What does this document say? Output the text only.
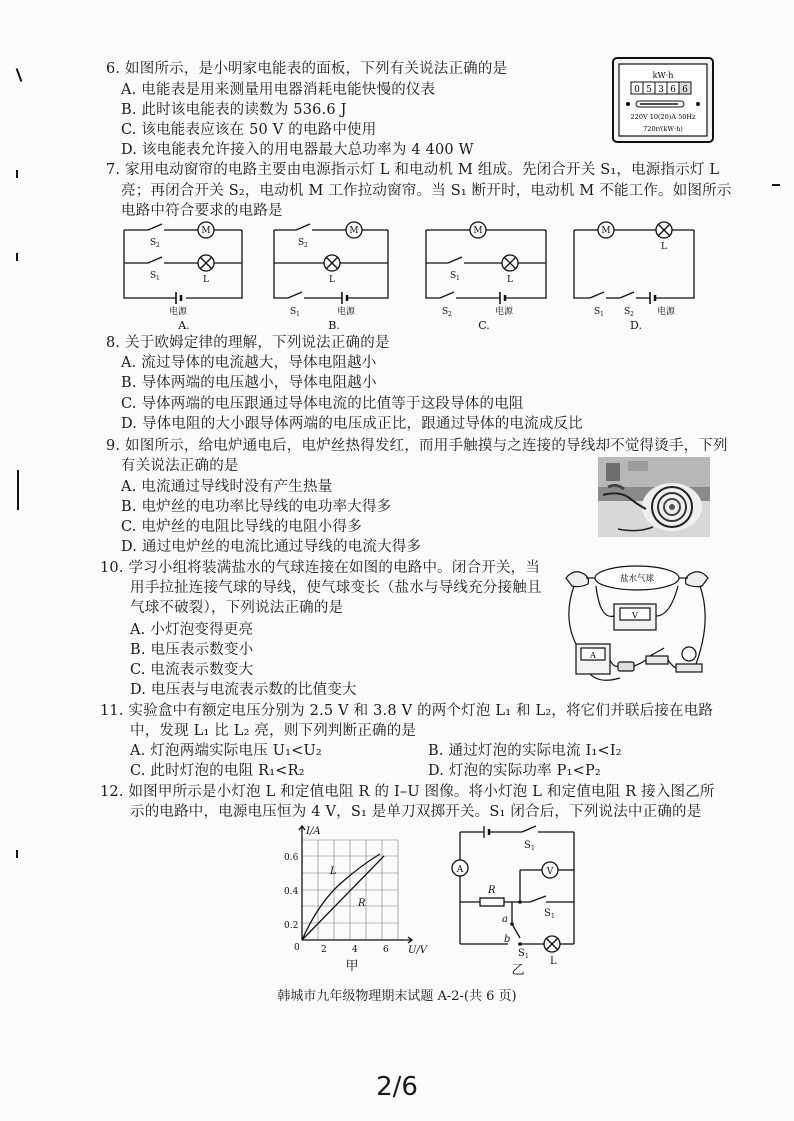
6. 如图所示，是小明家电能表的面板，下列有关说法正确的是
A. 电能表是用来测量用电器消耗电能快慢的仪表
B. 此时该电能表的读数为 536.6 J
C. 该电能表应该在 50 V 的电路中使用
D. 该电能表允许接入的用电器最大总功率为 4 400 W
kW·h
0 5 3 6 6
220V 10(20)A 50Hz
720r/(kW·h)
7. 家用电动窗帘的电路主要由电源指示灯 L 和电动机 M 组成。先闭合开关 S₁，电源指示灯 L
亮；再闭合开关 S₂，电动机 M 工作拉动窗帘。当 S₁ 断开时，电动机 M 不能工作。如图所示
电路中符合要求的电路是
M
S 2
S 1	L
电源
A.
M
S 2
L
S 1	电源
B.
M
S 1	L
S 2	电源
C.
M
L
S 1 S 2	电源
D.
8. 关于欧姆定律的理解，下列说法正确的是
A. 流过导体的电流越大，导体电阻越小
B. 导体两端的电压越小，导体电阻越小
C. 导体两端的电压跟通过导体电流的比值等于这段导体的电阻
D. 导体电阻的大小跟导体两端的电压成正比，跟通过导体的电流成反比
9. 如图所示，给电炉通电后，电炉丝热得发红，而用手触摸与之连接的导线却不觉得烫手，下列
有关说法正确的是
A. 电流通过导线时没有产生热量
B. 电炉丝的电功率比导线的电功率大得多
C. 电炉丝的电阻比导线的电阻小得多
D. 通过电炉丝的电流比通过导线的电流大得多
10. 学习小组将装满盐水的气球连接在如图的电路中。闭合开关，当
用手拉扯连接气球的导线，使气球变长（盐水与导线充分接触且
气球不破裂），下列说法正确的是
A. 小灯泡变得更亮
B. 电压表示数变小
C. 电流表示数变大
D. 电压表与电流表示数的比值变大
盐水气球
V
A
11. 实验盒中有额定电压分别为 2.5 V 和 3.8 V 的两个灯泡 L₁ 和 L₂，将它们并联后接在电路
中，发现 L₁ 比 L₂ 亮，则下列判断正确的是
A. 灯泡两端实际电压 U₁<U₂	B. 通过灯泡的实际电流 I₁<I₂
C. 此时灯泡的电阻 R₁<R₂	D. 灯泡的实际功率 P₁<P₂
12. 如图甲所示是小灯泡 L 和定值电阻 R 的 I–U 图像。将小灯泡 L 和定值电阻 R 接入图乙所
示的电路中，电源电压恒为 4 V，S₁ 是单刀双掷开关。S₁ 闭合后，下列说法中正确的是
I/A
U/V
0.2
0.4
0.6
2	4	6
0
L
R
甲
A	V
R
S 1
S 1
a
b
S 1 L
乙
韩城市九年级物理期末试题 A-2-(共 6 页)
2/6
